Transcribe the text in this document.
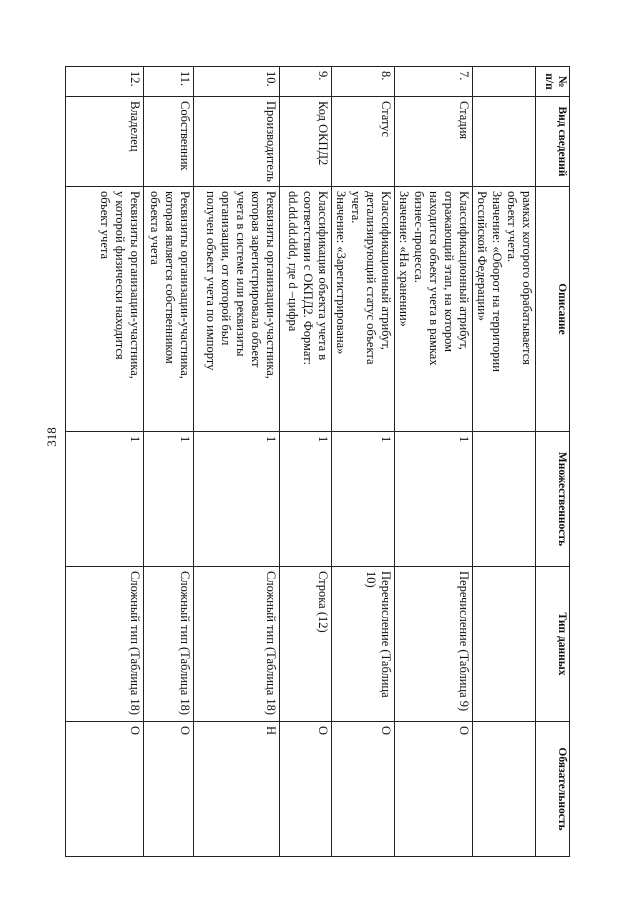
318
№
п/п	Вид сведений	Описание	Множественность	Тип данных	Обязательность

		рамках которого обрабатывается
объект учета.
Значение: «Оборот на территории
Российской Федерации»			

7.	Стадия	Классификационный атрибут,
отражающий этап, на котором
находится объект учета в рамках
бизнес-процесса.
Значение: «На хранении»	1	Перечисление (Таблица 9)	О
8.	Статус	Классификационный атрибут,
детализирующий статус объекта
учета.
Значение: «Зарегистрирована»	1	Перечисление (Таблица 10)	О
9.	Код ОКПД2	Классификация объекта учета в
соответствии с ОКПД2. Формат:
dd.dd.dd.ddd, где d –цифра	1	Строка (12)	О
10.	Производитель	Реквизиты организации-участника,
которая зарегистрировала объект
учета в системе или реквизиты
организации, от которой был
получен объект учета по импорту	1	Сложный тип (Таблица 18)	Н
11.	Собственник	Реквизиты организации-участника,
которая является собственником
объекта учета	1	Сложный тип (Таблица 18)	О
12.	Владелец	Реквизиты организации-участника,
у которой физически находится
объект учета	1	Сложный тип (Таблица 18)	О
